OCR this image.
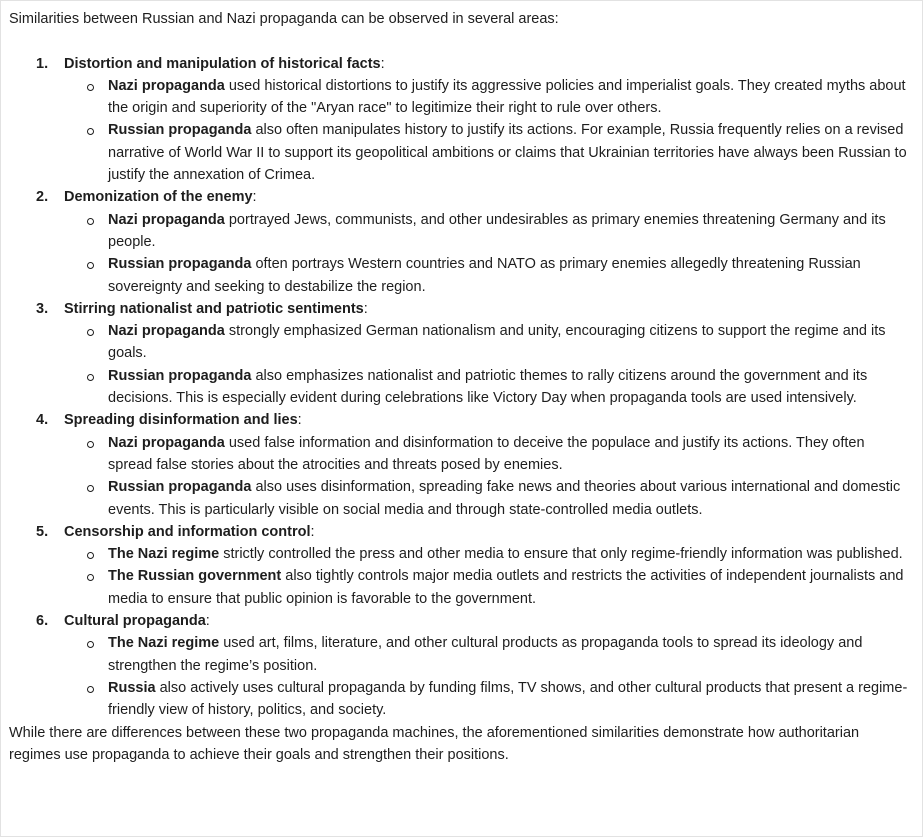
Similarities between Russian and Nazi propaganda can be observed in several areas:

1. Distortion and manipulation of historical facts:
Nazi propaganda used historical distortions to justify its aggressive policies and imperialist goals. They created myths about the origin and superiority of the "Aryan race" to legitimize their right to rule over others.
Russian propaganda also often manipulates history to justify its actions. For example, Russia frequently relies on a revised narrative of World War II to support its geopolitical ambitions or claims that Ukrainian territories have always been Russian to justify the annexation of Crimea.
2. Demonization of the enemy:
Nazi propaganda portrayed Jews, communists, and other undesirables as primary enemies threatening Germany and its people.
Russian propaganda often portrays Western countries and NATO as primary enemies allegedly threatening Russian sovereignty and seeking to destabilize the region.
3. Stirring nationalist and patriotic sentiments:
Nazi propaganda strongly emphasized German nationalism and unity, encouraging citizens to support the regime and its goals.
Russian propaganda also emphasizes nationalist and patriotic themes to rally citizens around the government and its decisions. This is especially evident during celebrations like Victory Day when propaganda tools are used intensively.
4. Spreading disinformation and lies:
Nazi propaganda used false information and disinformation to deceive the populace and justify its actions. They often spread false stories about the atrocities and threats posed by enemies.
Russian propaganda also uses disinformation, spreading fake news and theories about various international and domestic events. This is particularly visible on social media and through state-controlled media outlets.
5. Censorship and information control:
The Nazi regime strictly controlled the press and other media to ensure that only regime-friendly information was published.
The Russian government also tightly controls major media outlets and restricts the activities of independent journalists and media to ensure that public opinion is favorable to the government.
6. Cultural propaganda:
The Nazi regime used art, films, literature, and other cultural products as propaganda tools to spread its ideology and strengthen the regime’s position.
Russia also actively uses cultural propaganda by funding films, TV shows, and other cultural products that present a regime-friendly view of history, politics, and society.

While there are differences between these two propaganda machines, the aforementioned similarities demonstrate how authoritarian regimes use propaganda to achieve their goals and strengthen their positions.
